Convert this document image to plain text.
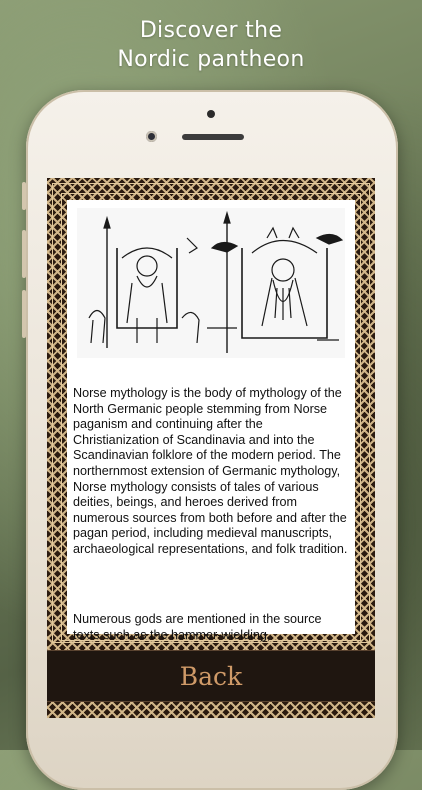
Discover the
Nordic pantheon

Norse mythology is the body of mythology of the North Germanic people stemming from Norse paganism and continuing after the Christianization of Scandinavia and into the Scandinavian folklore of the modern period. The northernmost extension of Germanic mythology, Norse mythology consists of tales of various deities, beings, and heroes derived from numerous sources from both before and after the pagan period, including medieval manuscripts, archaeological representations, and folk tradition.

Numerous gods are mentioned in the source texts such as the hammer-wielding,

Back
